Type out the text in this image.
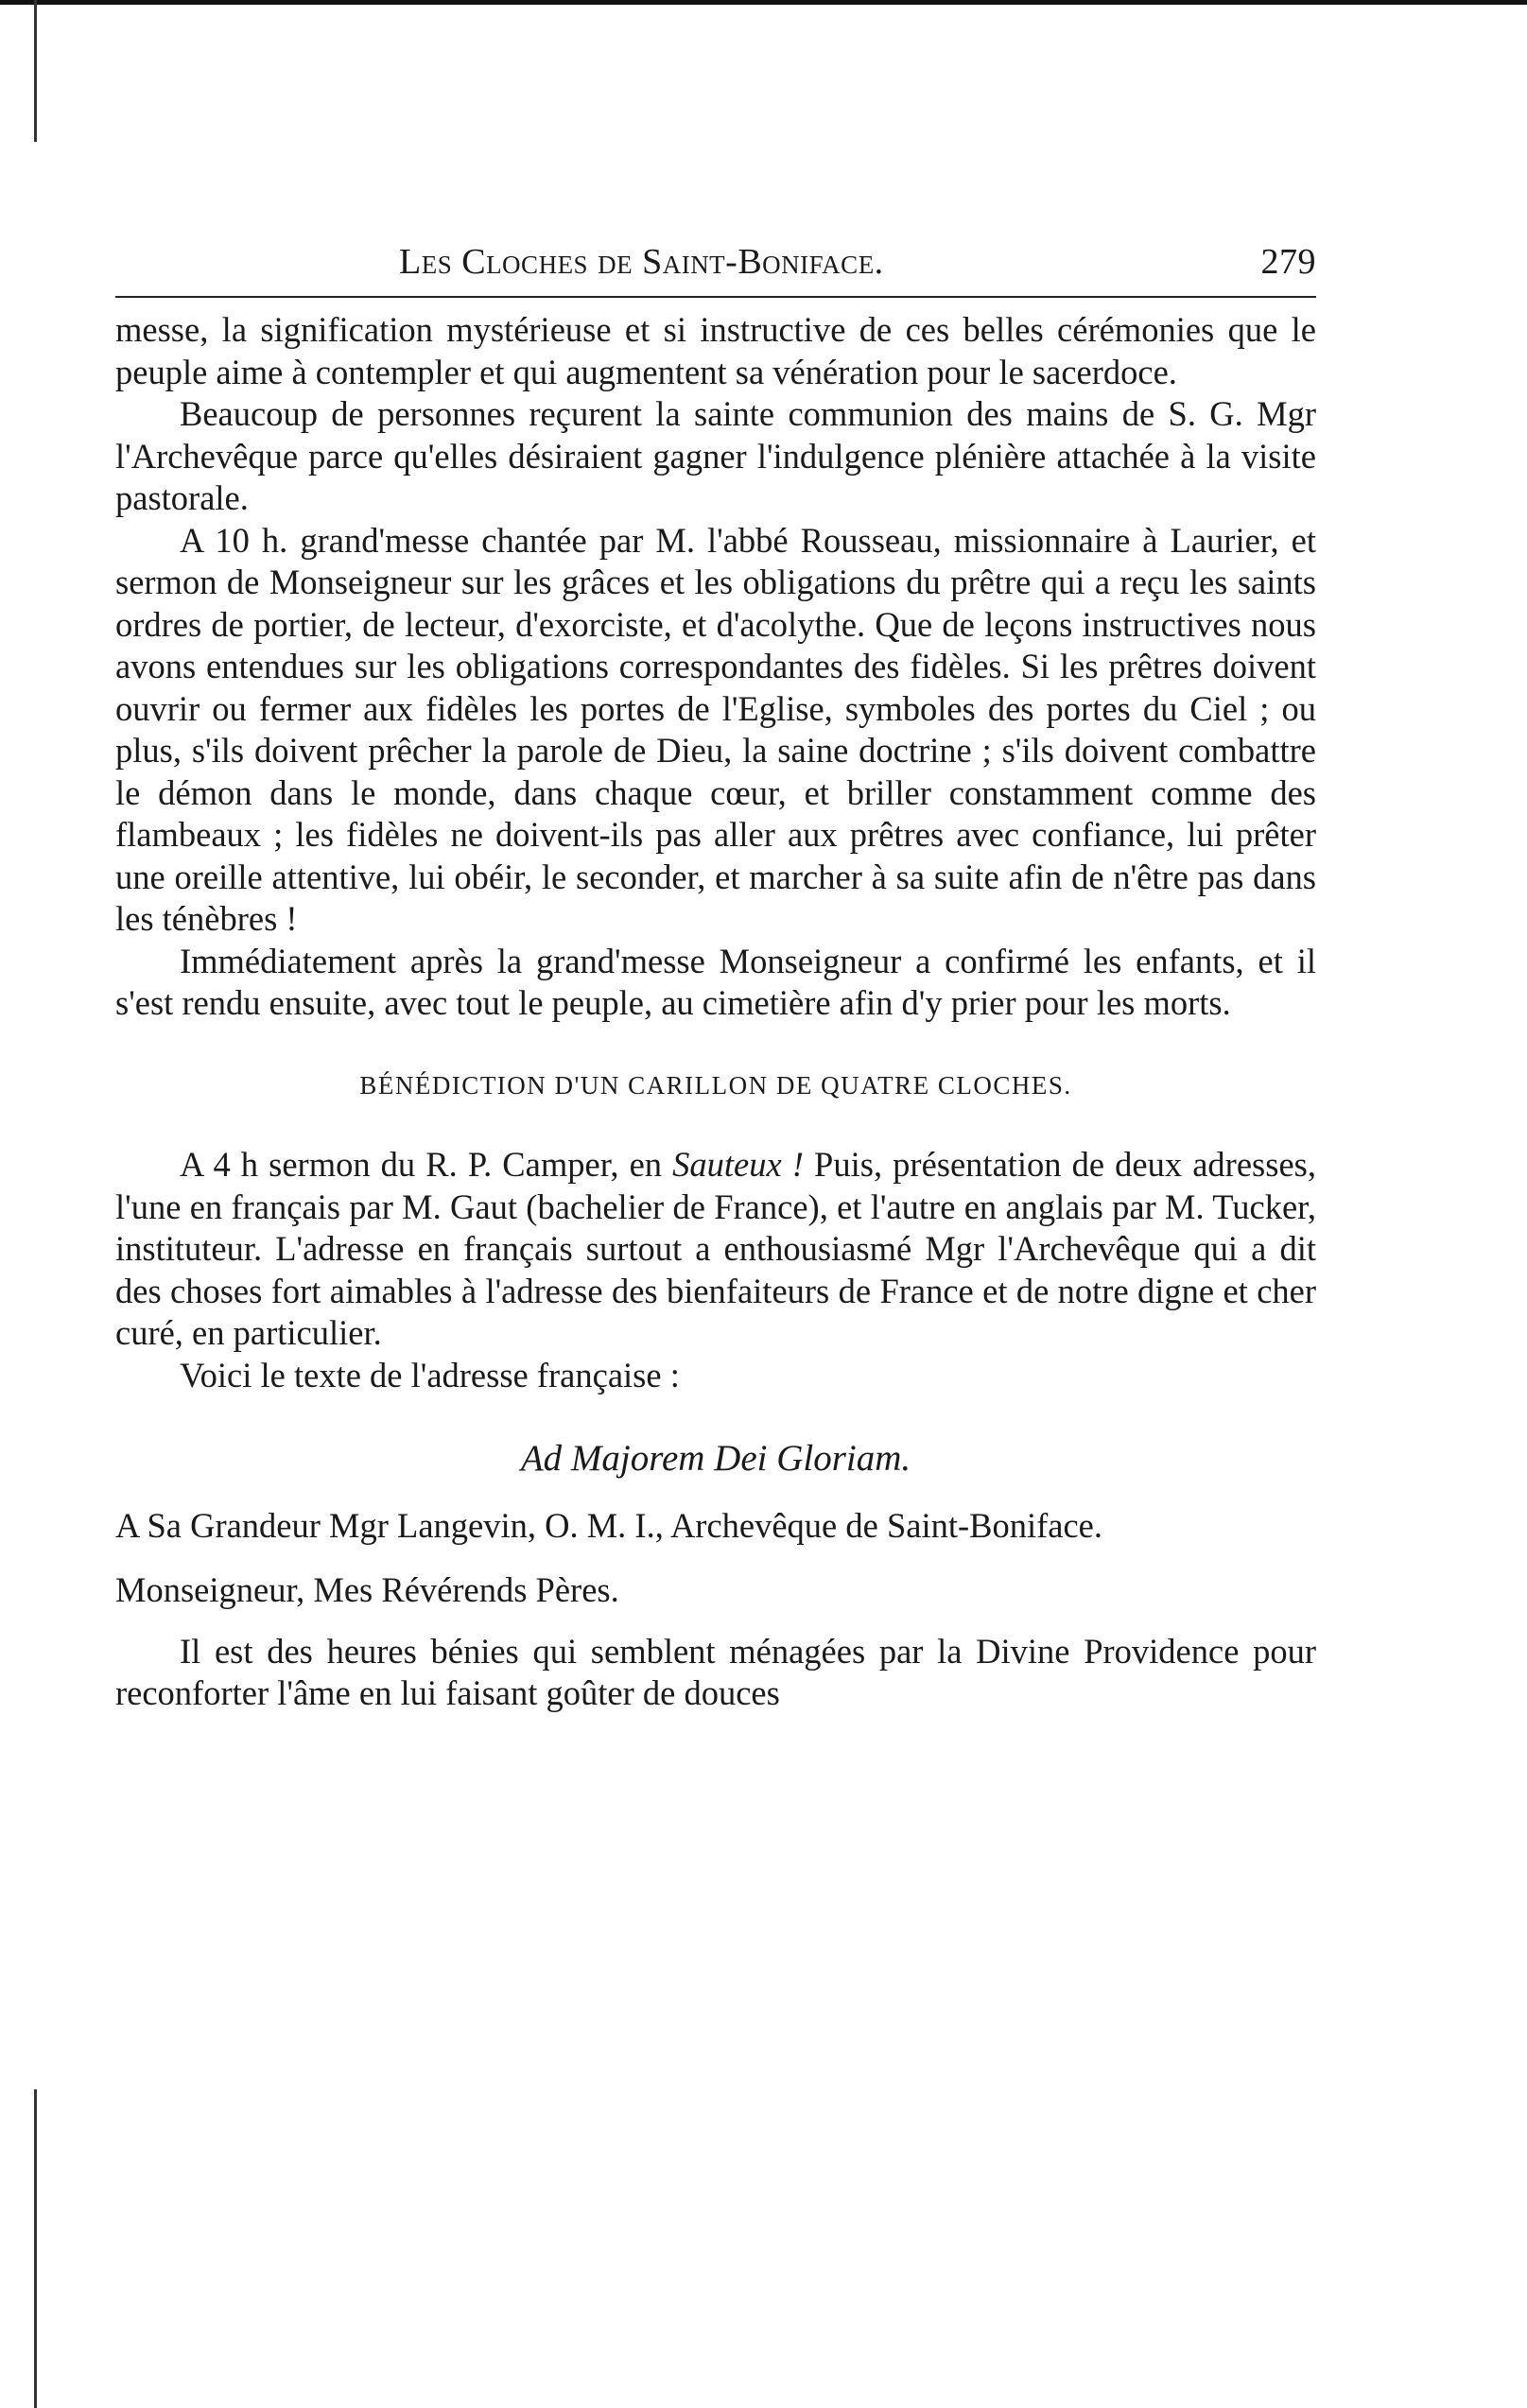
Les Cloches de Saint-Boniface.	279

messe, la signification mystérieuse et si instructive de ces belles cérémonies que le peuple aime à contempler et qui augmentent sa vénération pour le sacerdoce.

Beaucoup de personnes reçurent la sainte communion des mains de S. G. Mgr l'Archevêque parce qu'elles désiraient gagner l'indulgence plénière attachée à la visite pastorale.

A 10 h. grand'messe chantée par M. l'abbé Rousseau, missionnaire à Laurier, et sermon de Monseigneur sur les grâces et les obligations du prêtre qui a reçu les saints ordres de portier, de lecteur, d'exorciste, et d'acolythe. Que de leçons instructives nous avons entendues sur les obligations correspondantes des fidèles. Si les prêtres doivent ouvrir ou fermer aux fidèles les portes de l'Eglise, symboles des portes du Ciel ; ou plus, s'ils doivent prêcher la parole de Dieu, la saine doctrine ; s'ils doivent combattre le démon dans le monde, dans chaque cœur, et briller constamment comme des flambeaux ; les fidèles ne doivent-ils pas aller aux prêtres avec confiance, lui prêter une oreille attentive, lui obéir, le seconder, et marcher à sa suite afin de n'être pas dans les ténèbres !

Immédiatement après la grand'messe Monseigneur a confirmé les enfants, et il s'est rendu ensuite, avec tout le peuple, au cimetière afin d'y prier pour les morts.

BÉNÉDICTION D'UN CARILLON DE QUATRE CLOCHES.

A 4 h sermon du R. P. Camper, en Sauteux ! Puis, présentation de deux adresses, l'une en français par M. Gaut (bachelier de France), et l'autre en anglais par M. Tucker, instituteur. L'adresse en français surtout a enthousiasmé Mgr l'Archevêque qui a dit des choses fort aimables à l'adresse des bienfaiteurs de France et de notre digne et cher curé, en particulier.

Voici le texte de l'adresse française :

Ad Majorem Dei Gloriam.

A Sa Grandeur Mgr Langevin, O. M. I., Archevêque de Saint-Boniface.

Monseigneur, Mes Révérends Pères.

Il est des heures bénies qui semblent ménagées par la Divine Providence pour reconforter l'âme en lui faisant goûter de douces
